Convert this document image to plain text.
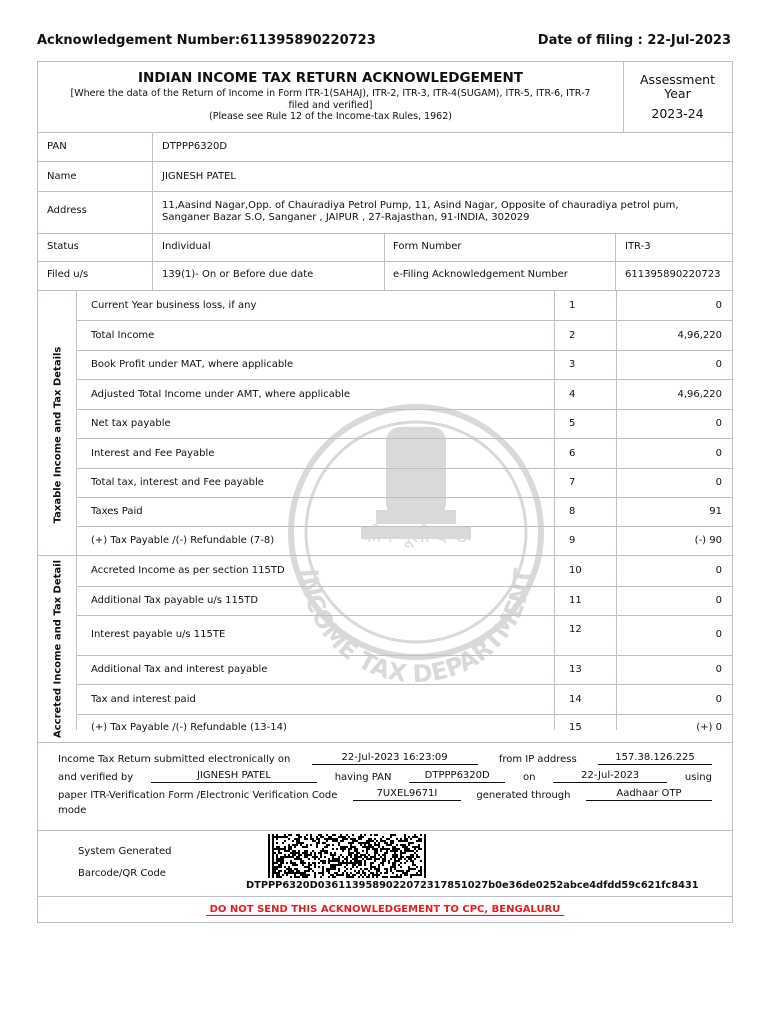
Acknowledgement Number:611395890220723	Date of filing : 22-Jul-2023
कोष मूलो दण्डः
INCOME TAX DEPARTMENT
INDIAN INCOME TAX RETURN ACKNOWLEDGEMENT
[Where the data of the Return of Income in Form ITR-1(SAHAJ), ITR-2, ITR-3, ITR-4(SUGAM), ITR-5, ITR-6, ITR-7
filed and verified]
(Please see Rule 12 of the Income-tax Rules, 1962)
Assessment
Year
2023-24
PAN	DTPPP6320D
Name	JIGNESH PATEL
Address	11,Aasind Nagar,Opp. of Chauradiya Petrol Pump, 11, Asind Nagar, Opposite of chauradiya petrol pum,
Sanganer Bazar S.O, Sanganer , JAIPUR , 27-Rajasthan, 91-INDIA, 302029
Status	Individual	Form Number	ITR-3
Filed u/s	139(1)- On or Before due date	e-Filing Acknowledgement Number	611395890220723
Taxable Income and Tax Details
Accreted Income and Tax Detail
Current Year business loss, if any	1	0
Total Income	2	4,96,220
Book Profit under MAT, where applicable	3	0
Adjusted Total Income under AMT, where applicable	4	4,96,220
Net tax payable	5	0
Interest and Fee Payable	6	0
Total tax, interest and Fee payable	7	0
Taxes Paid	8	91
(+) Tax Payable /(-) Refundable (7-8)	9	(-) 90
Accreted Income as per section 115TD	10	0
Additional Tax payable u/s 115TD	11	0
Interest payable u/s 115TE	12	0
Additional Tax and interest payable	13	0
Tax and interest paid	14	0
(+) Tax Payable /(-) Refundable (13-14)	15	(+) 0
Income Tax Return submitted electronically on	22-Jul-2023 16:23:09	from IP address	157.38.126.225
and verified by	JIGNESH PATEL	having PAN	DTPPP6320D	on	22-Jul-2023	using
paper ITR-Verification Form /Electronic Verification Code	7UXEL9671I	generated through	Aadhaar OTP
mode
System Generated
Barcode/QR Code
DTPPP6320D036113958902207231785​1027b0e36de0252abce4dfdd59c621fc8431
DO NOT SEND THIS ACKNOWLEDGEMENT TO CPC, BENGALURU
